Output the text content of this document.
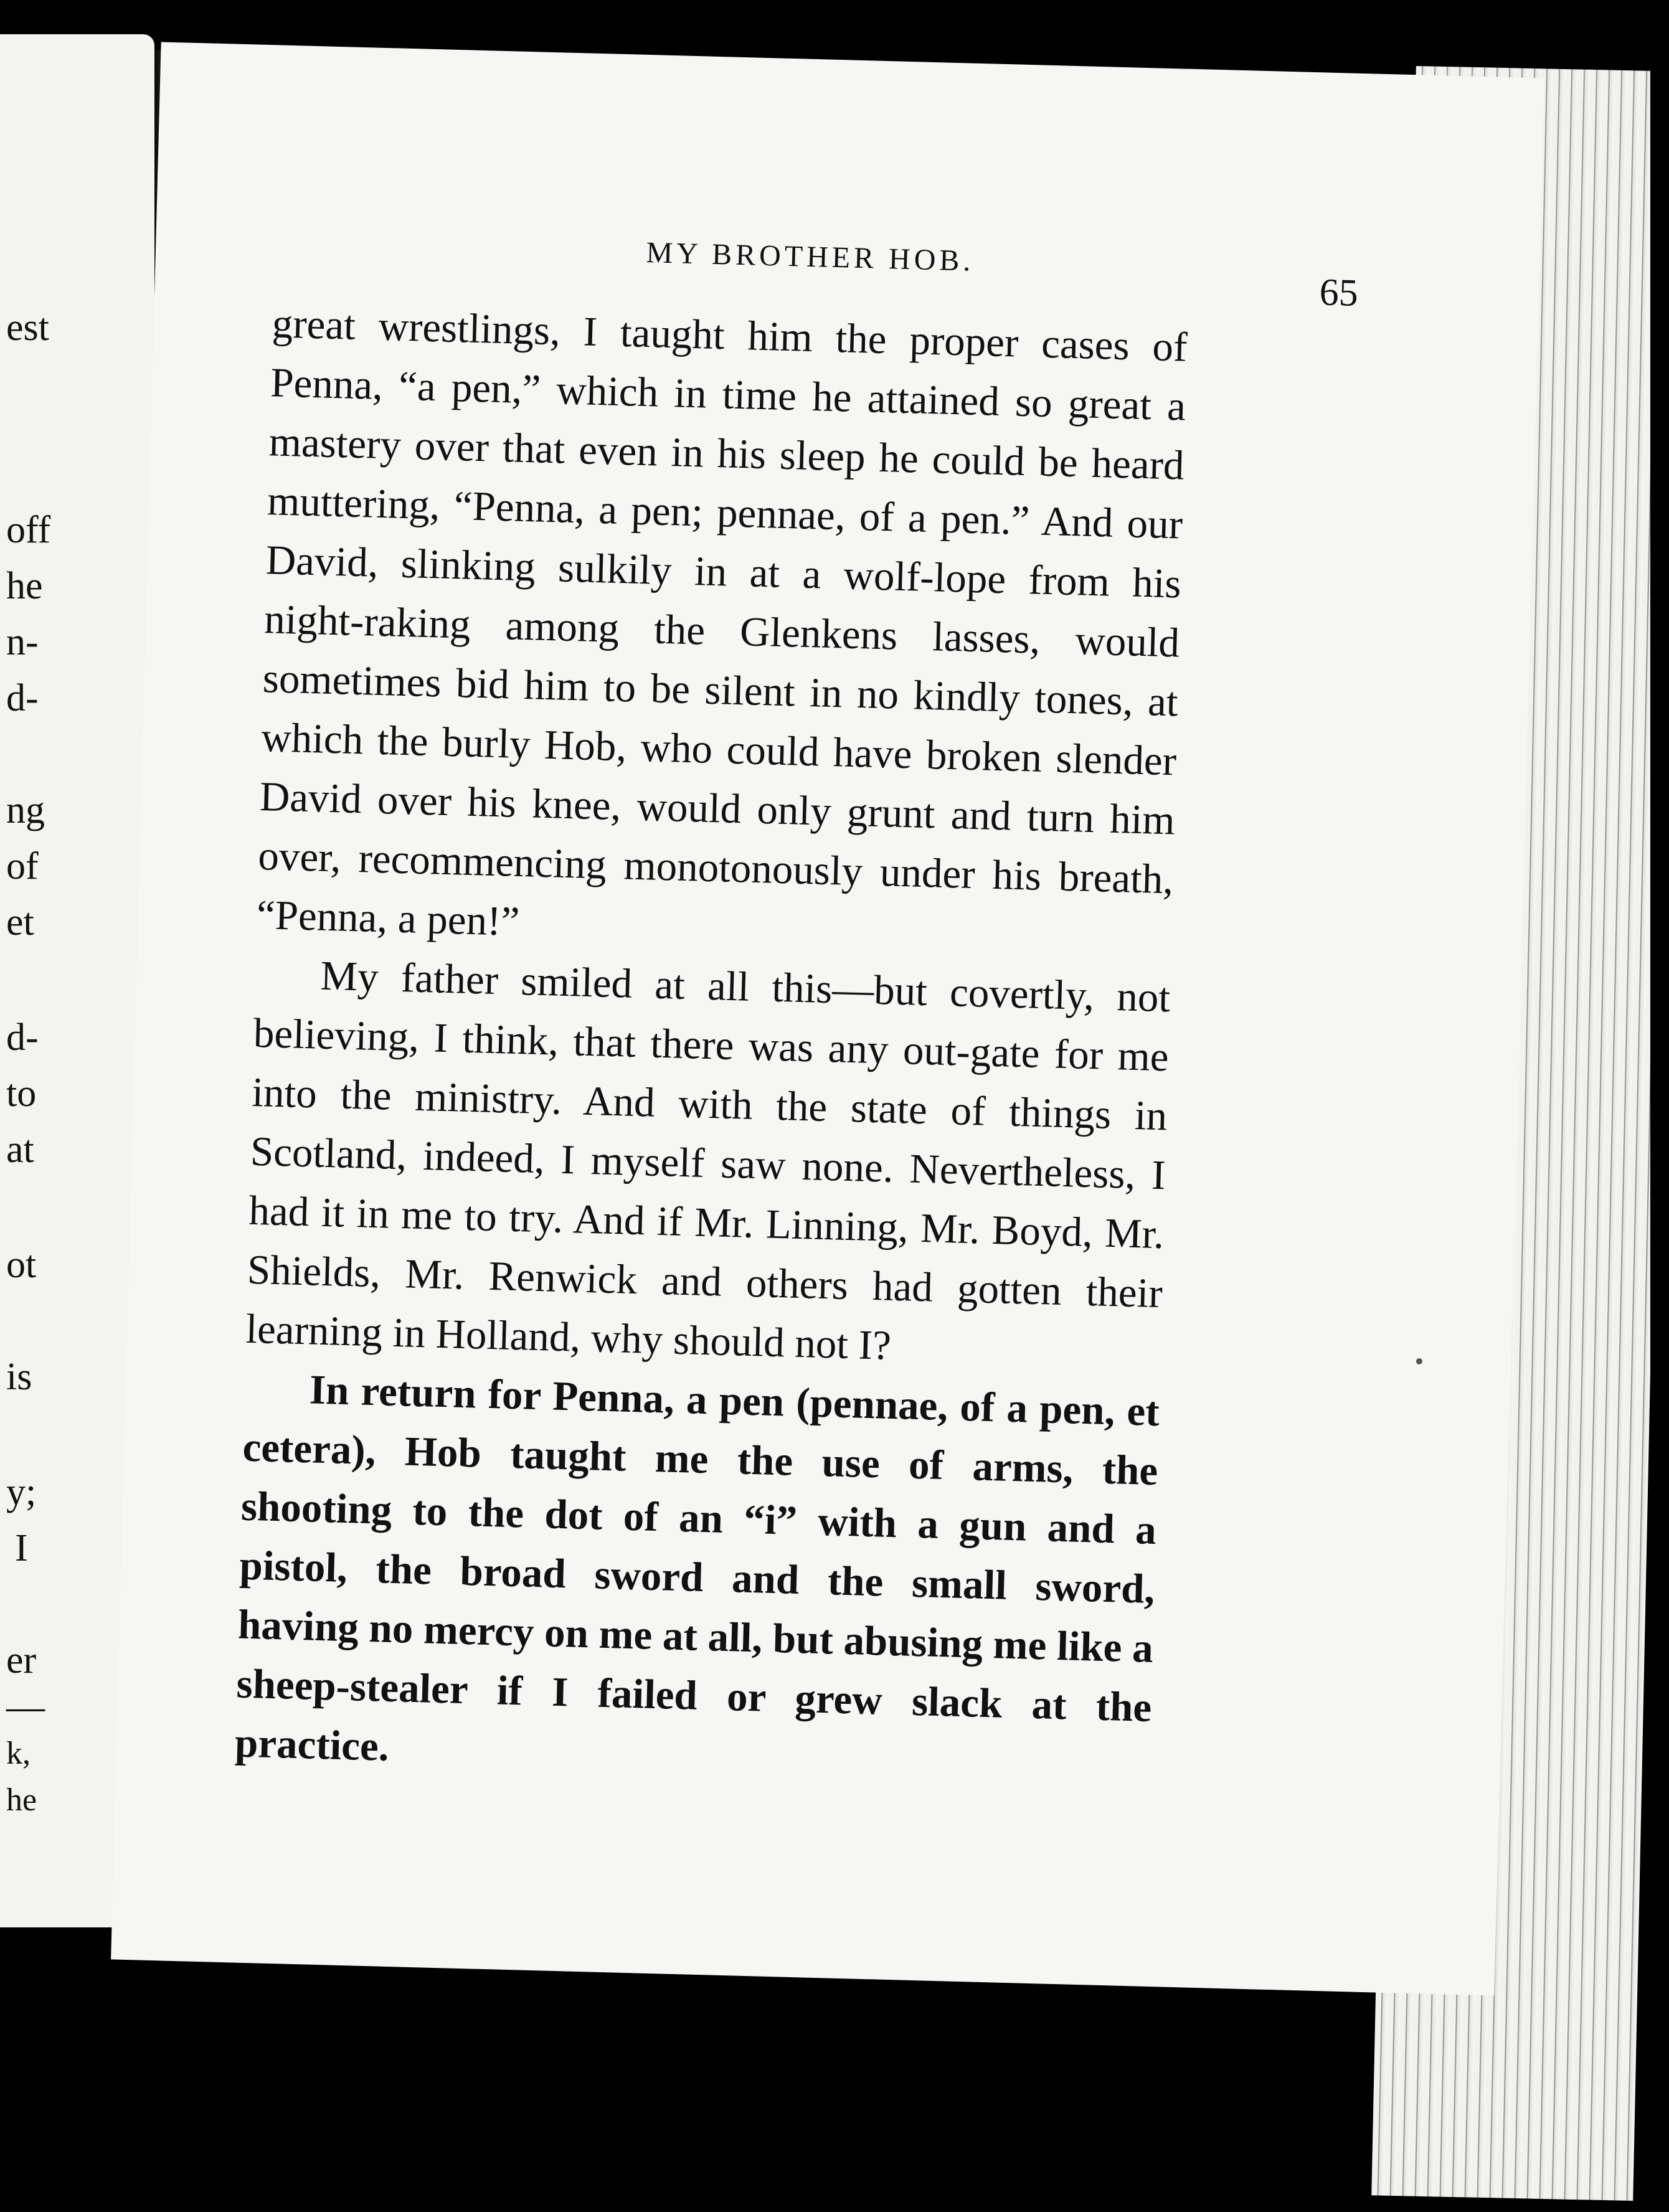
est
off
he
n-
d-
ng
of
et
d-
to
at
ot
is
y;
I
er
—
k,
he
MY BROTHER HOB.
65

great wrestlings, I taught him the proper cases of Penna, “a pen,” which in time he attained so great a mastery over that even in his sleep he could be heard muttering, “Penna, a pen; pennae, of a pen.” And our David, slinking sulkily in at a wolf-lope from his night-raking among the Glenkens lasses, would sometimes bid him to be silent in no kindly tones, at which the burly Hob, who could have broken slender David over his knee, would only grunt and turn him over, recommencing monotonously under his breath, “Penna, a pen!”

My father smiled at all this—but covertly, not believing, I think, that there was any out-gate for me into the ministry. And with the state of things in Scotland, indeed, I myself saw none. Nevertheless, I had it in me to try. And if Mr. Linning, Mr. Boyd, Mr. Shields, Mr. Renwick and others had gotten their learning in Holland, why should not I?

In return for Penna, a pen (pennae, of a pen, et cetera), Hob taught me the use of arms, the shooting to the dot of an “i” with a gun and a pistol, the broad sword and the small sword, having no mercy on me at all, but abusing me like a sheep-stealer if I failed or grew slack at the practice.
